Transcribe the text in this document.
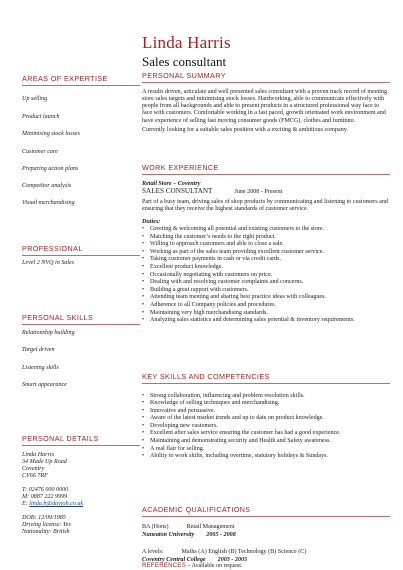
Linda Harris
Sales consultant
AREAS OF EXPERTISE
Up selling
Product launch
Minimising stock losses
Customer care
Preparing action plans
Competitor analysis
Visual merchandising
PROFESSIONAL
Level 2 NVQ in Sales
PERSONAL SKILLS
Relationship building
Target driven
Listening skills
Smart appearance
PERSONAL DETAILS
Linda Harris
34 Made Up Road
Coventry
CV66 7RF
T: 02476 000 0000
M: 0887 222 9999
E: linda.h@dayjob.co.uk
DOB: 12/09/1985
Driving license: Yes
Nationality: British
PERSONAL SUMMARY
A results driven, articulate and well presented sales consultant with a proven track record of meeting store sales targets and minimising stock losses. Hardworking, able to communicate effectively with people from all backgrounds and able to present products in a structured professional way face to face with customers. Comfortable working in a fast paced, growth orientated work environment and have experience of selling fast moving consumer goods (FMCG), clothes and furniture.
Currently looking for a suitable sales position with a exciting & ambitious company.
WORK EXPERIENCE
Retail Store – Coventry
SALES CONSULTANT	June 2008 - Present
Part of a busy team, driving sales of shop products by communicating and listening to customers and ensuring that they receive the highest standards of customer service.
Duties:
• Greeting & welcoming all potential and existing customers to the store.
• Matching the customer’s needs to the right product.
• Willing to approach customers and able to close a sale.
• Working as part of the sales team providing excellent customer service.
• Taking customer payments in cash or via credit cards.
• Excellent product knowledge.
• Occasionally negotiating with customers on price.
• Dealing with and resolving customer complaints and concerns.
• Building a great rapport with customers.
• Attending team meeting and sharing best practice ideas with colleagues.
• Adherence to all Company policies and procedures.
• Maintaining very high merchandising standards.
• Analyzing sales statistics and determining sales potential & inventory requirements.
KEY SKILLS AND COMPETENCIES
• Strong collaboration, influencing and problem resolution skills.
• Knowledge of selling techniques and merchandising.
• Innovative and persuasive.
• Aware of the latest market trends and up to date on product knowledge.
• Developing new customers.
• Excellent after sales service ensuring the customer has had a good experience.
• Maintaining and demonstrating security and Health and Safety awareness.
• A real flair for selling.
• Ability to work shifts, including overtime, statutory holidays & Sundays.
ACADEMIC QUALIFICATIONS
BA (Hons)	Retail Management
Nuneaton University 2005 - 2008
A levels:	Maths (A) English (B) Technology (B) Science (C)
Coventry Central College 2003 - 2005
REFERENCES – Available on request.
